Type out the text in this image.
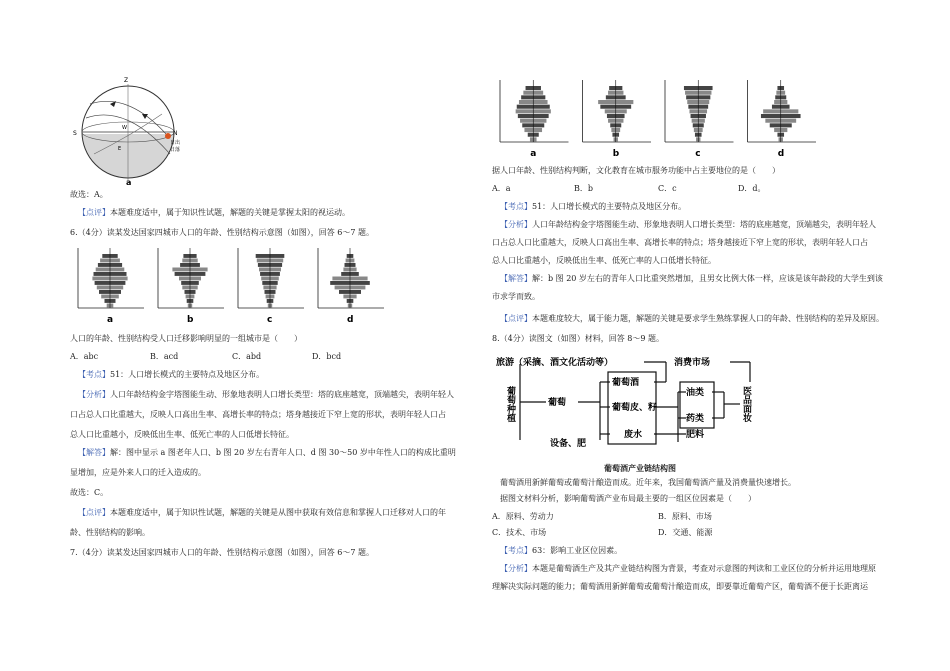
Z
S	N
W
E
日出
日落
a

故选：A。

【点评】本题难度适中，属于知识性试题，解题的关键是掌握太阳的视运动。

6.（4分）读某发达国家四城市人口的年龄、性别结构示意图（如图），回答 6～7 题。

a	b	c	d

人口的年龄、性别结构受人口迁移影响明显的一组城市是（　　）

A．abc	B．acd	C．abd	D．bcd

【考点】51：人口增长模式的主要特点及地区分布。

【分析】人口年龄结构金字塔图能生动、形象地表明人口增长类型：塔的底座越宽，顶端越尖，表明年轻人

口占总人口比重越大，反映人口高出生率、高增长率的特点；塔身越接近下窄上宽的形状，表明年轻人口占

总人口比重越小，反映低出生率、低死亡率的人口低增长特征。

【解答】解：图中显示 a 图老年人口、b 图 20 岁左右青年人口、d 图 30～50 岁中年性人口的构成比重明

显增加，应是外来人口的迁入造成的。

故选：C。

【点评】本题难度适中，属于知识性试题，解题的关键是从图中获取有效信息和掌握人口迁移对人口的年

龄、性别结构的影响。

7.（4分）读某发达国家四城市人口的年龄、性别结构示意图（如图），回答 6～7 题。

a	b	c	d

据人口年龄、性别结构判断，文化教育在城市服务功能中占主要地位的是（　　）

A．a	B．b	C．c	D．d。

【考点】51：人口增长模式的主要特点及地区分布。

【分析】人口年龄结构金字塔图能生动、形象地表明人口增长类型：塔的底座越宽，顶端越尖，表明年轻人

口占总人口比重越大，反映人口高出生率、高增长率的特点；塔身越接近下窄上宽的形状，表明年轻人口占

总人口比重越小，反映低出生率、低死亡率的人口低增长特征。

【解答】解：b 图 20 岁左右的青年人口比重突然增加，且男女比例大体一样，应该是该年龄段的大学生到该

市求学而致。

【点评】本题难度较大，属于能力题，解题的关键是要求学生熟练掌握人口的年龄、性别结构的差异及原因。

8.（4分）读图文（如图）材料，回答 8～9 题。

旅游（采摘、酒文化活动等）	消费市场
葡萄种植	葡萄
葡萄酒
葡萄皮、籽
废水
设备、肥
油类
药类
肥料
医品面妆

葡萄酒产业链结构图

葡萄酒用新鲜葡萄或葡萄汁酿造而成。近年来，我国葡萄酒产量及消费量快速增长。

据图文材料分析，影响葡萄酒产业布局最主要的一组区位因素是（　　）

A．原料、劳动力	B．原料、市场
C．技术、市场	D．交通、能源

【考点】63：影响工业区位因素。

【分析】本题是葡萄酒生产及其产业链结构图为背景，考查对示意图的判读和工业区位的分析并运用地理原

理解决实际问题的能力；葡萄酒用新鲜葡萄或葡萄汁酿造而成，即要靠近葡萄产区，葡萄酒不便于长距离运
